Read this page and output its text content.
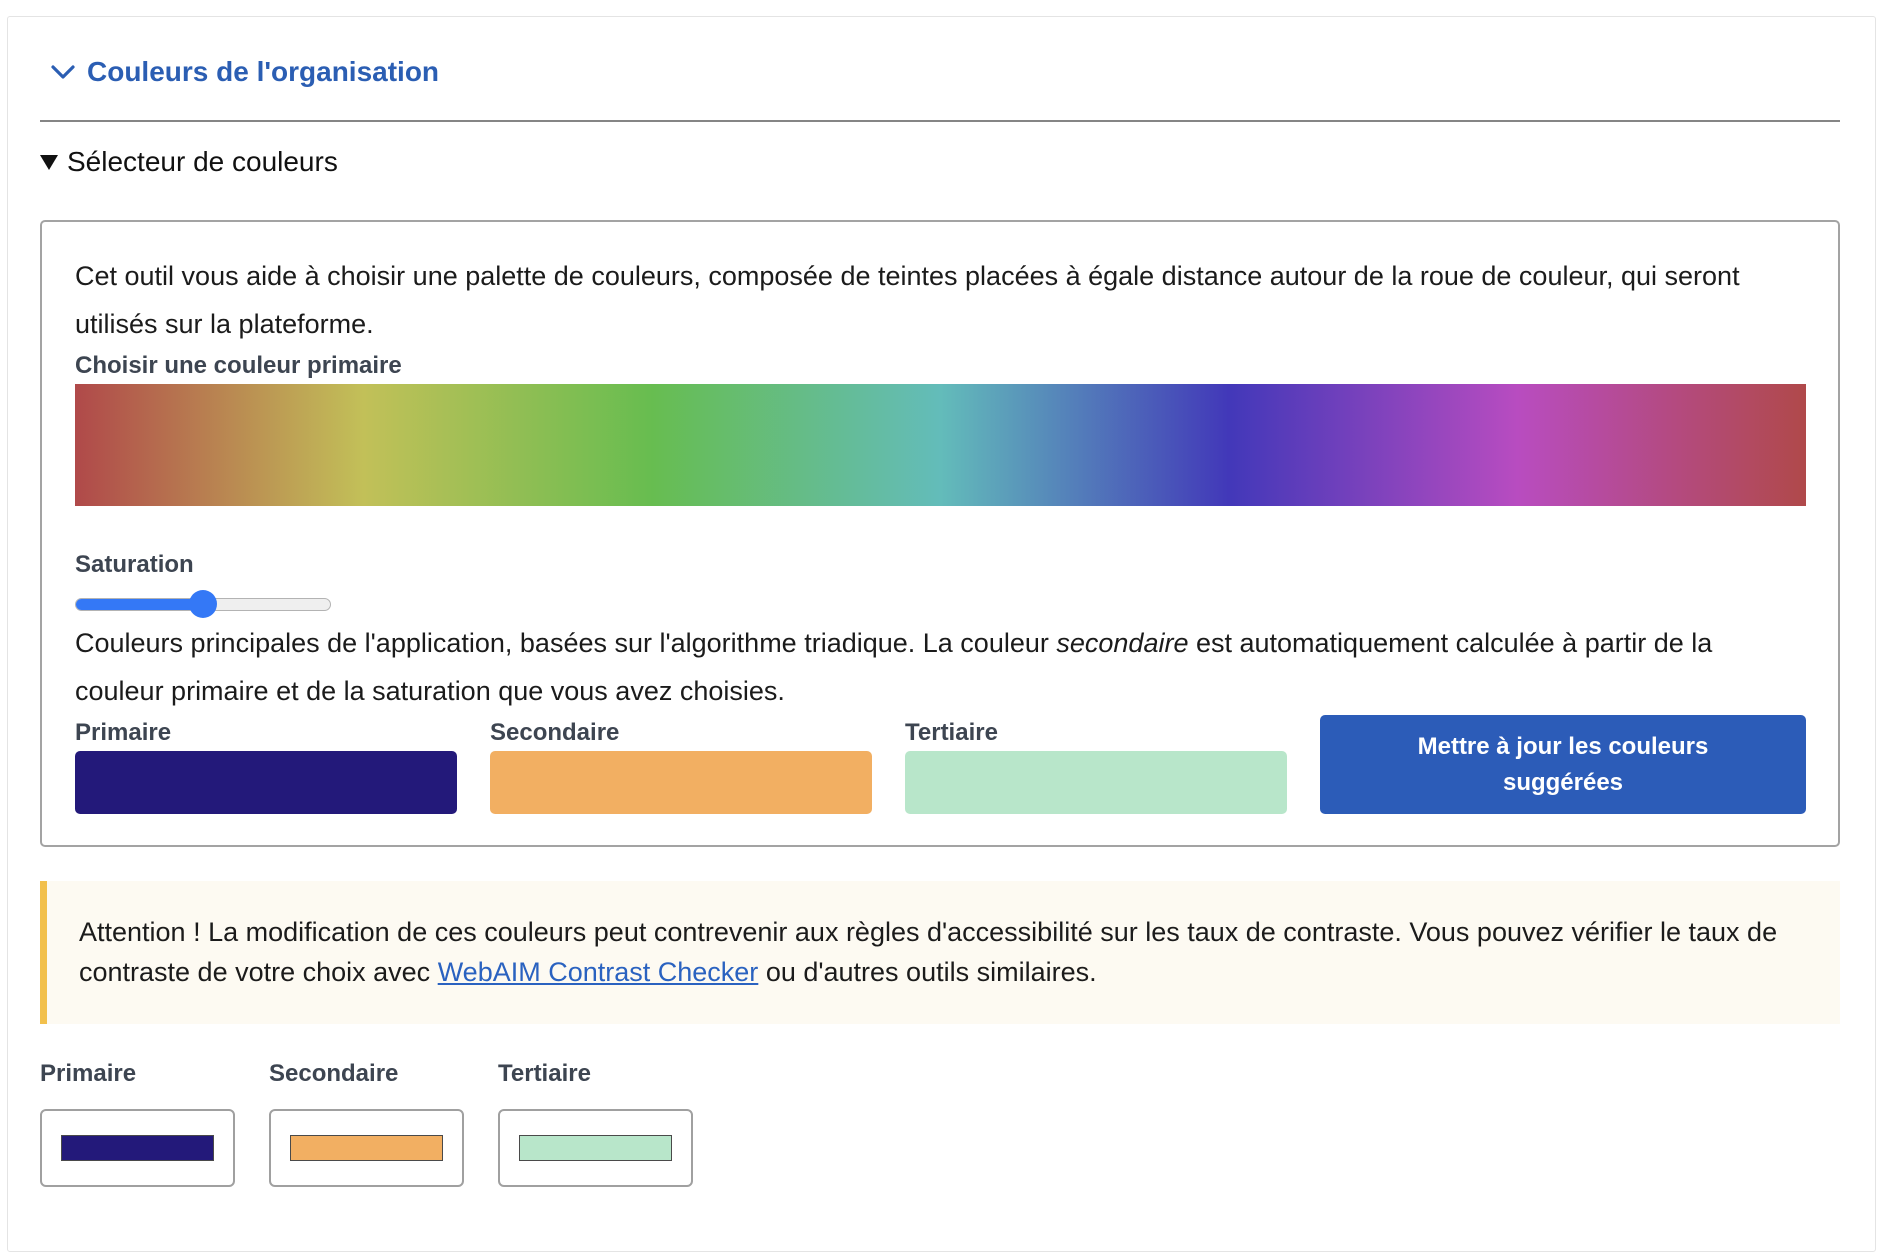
Couleurs de l'organisation
Sélecteur de couleurs

Cet outil vous aide à choisir une palette de couleurs, composée de teintes placées à égale distance autour de la roue de couleur, qui seront utilisés sur la plateforme.

Choisir une couleur primaire
Saturation

Couleurs principales de l'application, basées sur l'algorithme triadique. La couleur secondaire est automatiquement calculée à partir de la couleur primaire et de la saturation que vous avez choisies.

Primaire	Secondaire	Tertiaire	Mettre à jour les couleurs suggérées
Attention ! La modification de ces couleurs peut contrevenir aux règles d'accessibilité sur les taux de contraste. Vous pouvez vérifier le taux de contraste de votre choix avec WebAIM Contrast Checker ou d'autres outils similaires.
Primaire	Secondaire	Tertiaire
